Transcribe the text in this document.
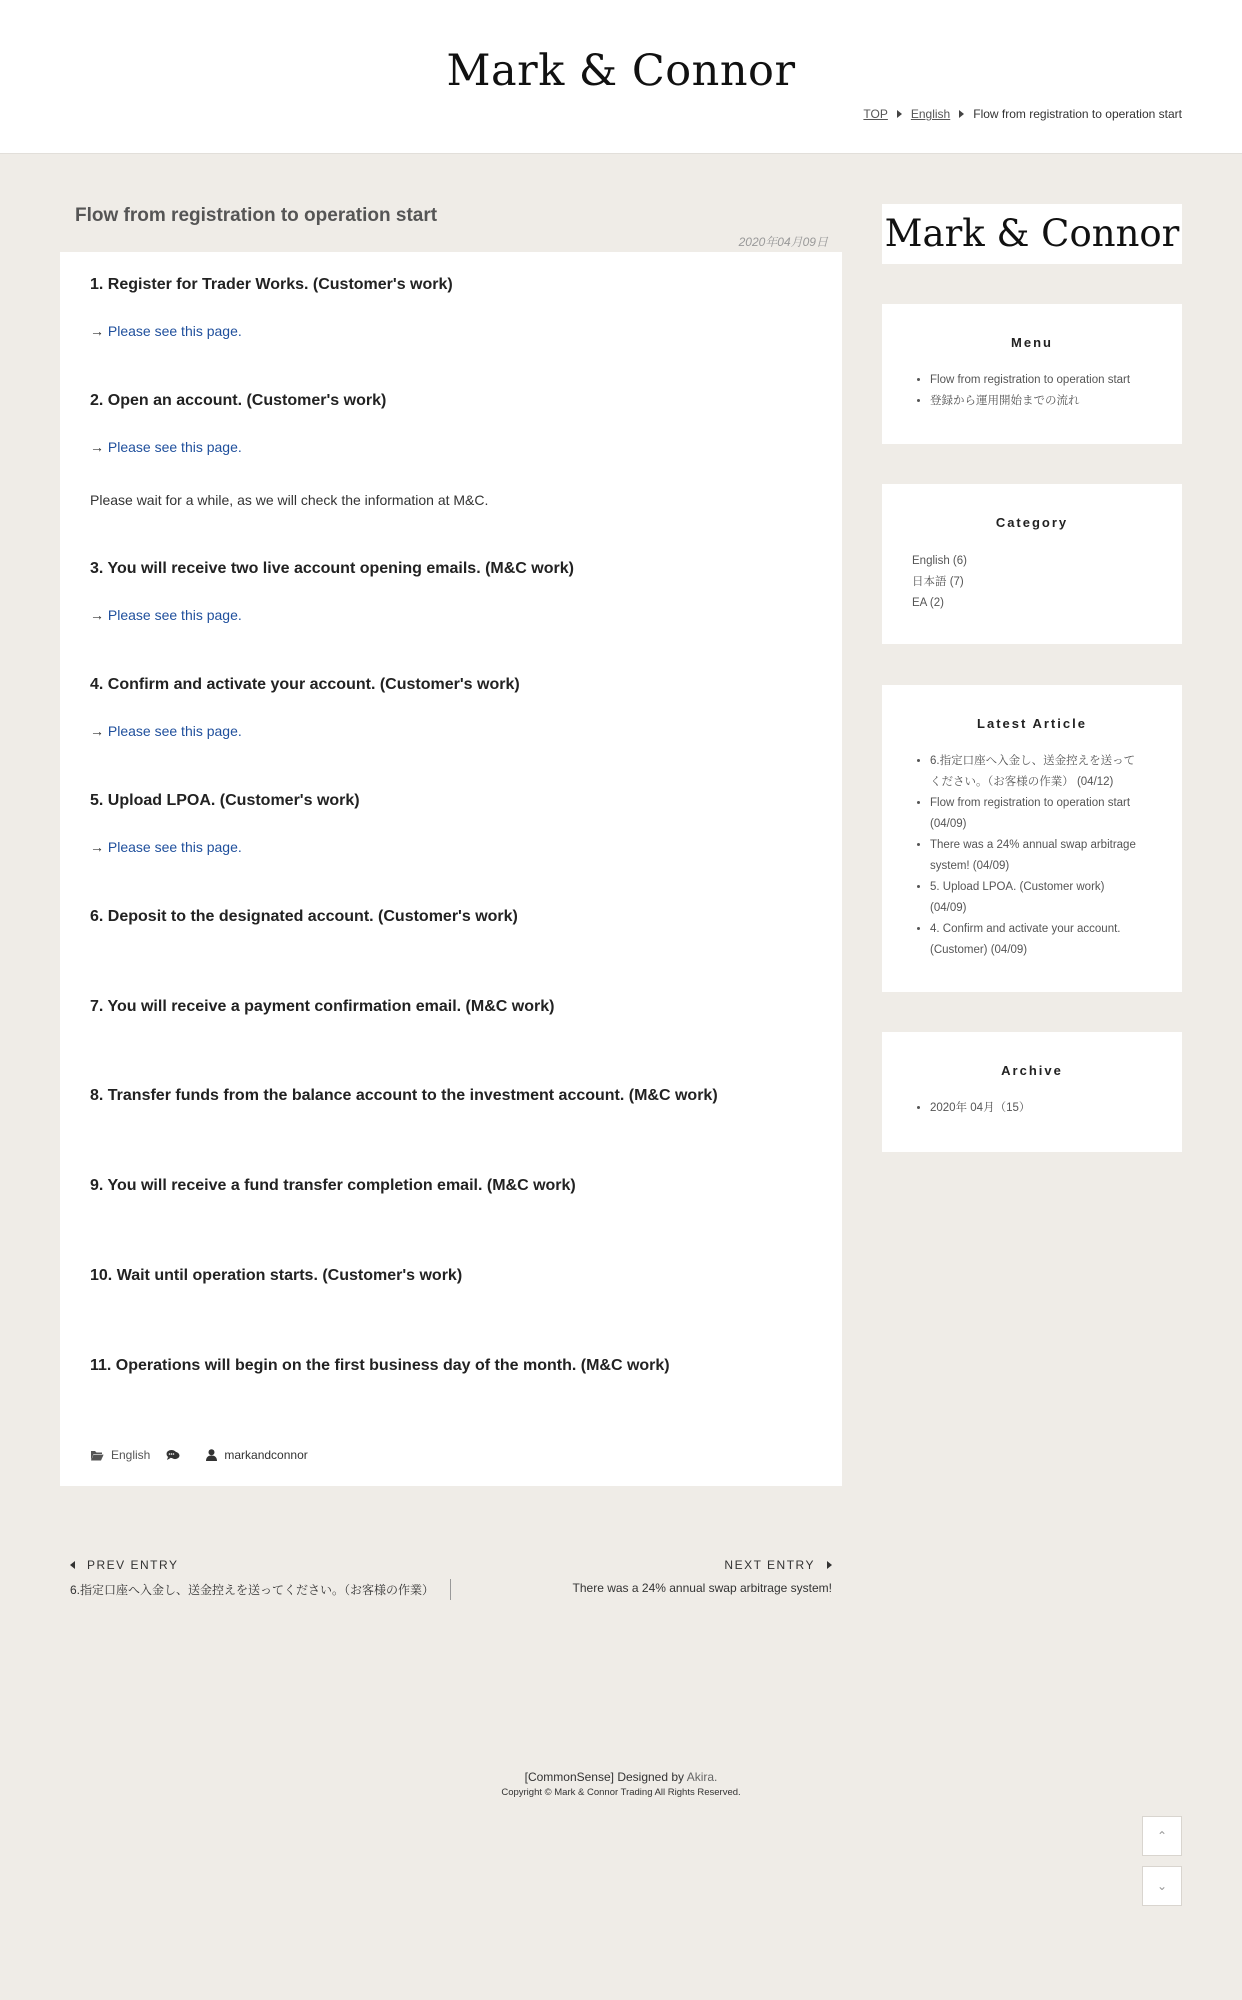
Mark & Connor
TOP English Flow from registration to operation start
Flow from registration to operation start
2020年04月09日
1. Register for Trader Works. (Customer's work)
→ Please see this page.
2. Open an account. (Customer's work)
→ Please see this page.
Please wait for a while, as we will check the information at M&C.
3. You will receive two live account opening emails. (M&C work)
→ Please see this page.
4. Confirm and activate your account. (Customer's work)
→ Please see this page.
5. Upload LPOA. (Customer's work)
→ Please see this page.
6. Deposit to the designated account. (Customer's work)
7. You will receive a payment confirmation email. (M&C work)
8. Transfer funds from the balance account to the investment account. (M&C work)
9. You will receive a fund transfer completion email. (M&C work)
10. Wait until operation starts. (Customer's work)
11. Operations will begin on the first business day of the month. (M&C work)
English	markandconnor
PREV ENTRY
6.指定口座へ入金し、送金控えを送ってください。（お客様の作業）
NEXT ENTRY
There was a 24% annual swap arbitrage system!
Mark & Connor
Menu
• Flow from registration to operation start
• 登録から運用開始までの流れ
Category
English (6)
日本語 (7)
EA (2)
Latest Article
• 6.指定口座へ入金し、送金控えを送って
ください。（お客様の作業） (04/12)
• Flow from registration to operation start
(04/09)
• There was a 24% annual swap arbitrage
system! (04/09)
• 5. Upload LPOA. (Customer work)
(04/09)
• 4. Confirm and activate your account.
(Customer) (04/09)
Archive
• 2020年 04月（15）
[CommonSense] Designed by Akira.
Copyright © Mark & Connor Trading All Rights Reserved.
⌃
⌄
